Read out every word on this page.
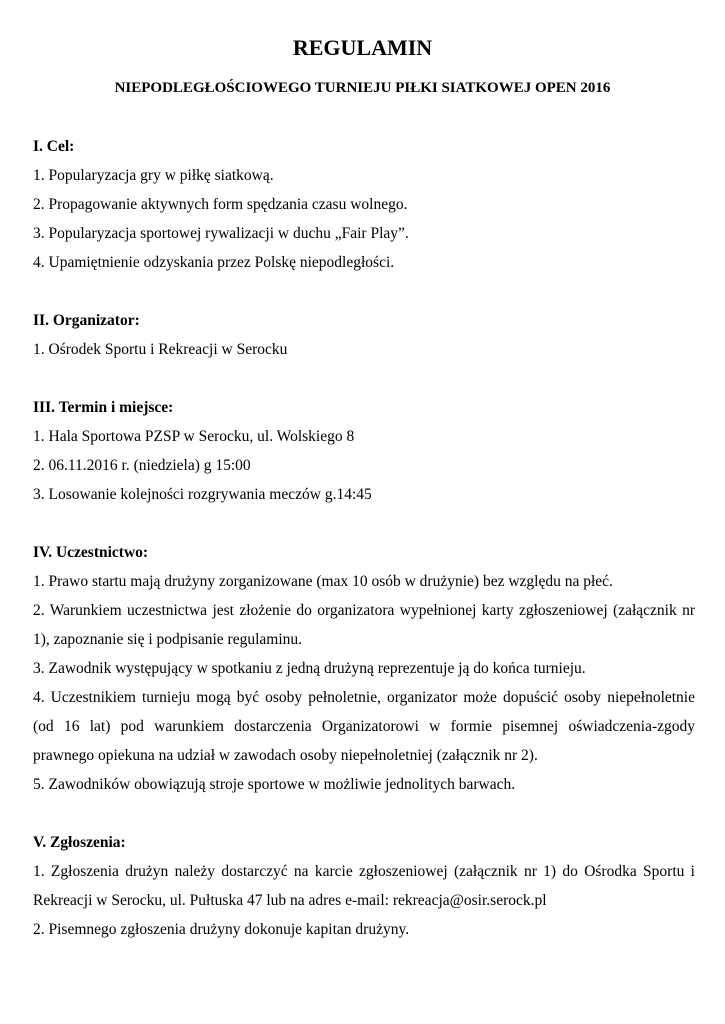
REGULAMIN
NIEPODLEGŁOŚCIOWEGO TURNIEJU PIŁKI SIATKOWEJ OPEN 2016
I. Cel:

1. Popularyzacja gry w piłkę siatkową.

2. Propagowanie aktywnych form spędzania czasu wolnego.

3. Popularyzacja sportowej rywalizacji w duchu „Fair Play”.

4. Upamiętnienie odzyskania przez Polskę niepodległości.

II. Organizator:

1. Ośrodek Sportu i Rekreacji w Serocku

III. Termin i miejsce:

1. Hala Sportowa PZSP w Serocku, ul. Wolskiego 8

2. 06.11.2016 r. (niedziela) g 15:00

3. Losowanie kolejności rozgrywania meczów g.14:45

IV. Uczestnictwo:

1. Prawo startu mają drużyny zorganizowane (max 10 osób w drużynie) bez względu na płeć.

2. Warunkiem uczestnictwa jest złożenie do organizatora wypełnionej karty zgłoszeniowej (załącznik nr 1), zapoznanie się i podpisanie regulaminu.

3. Zawodnik występujący w spotkaniu z jedną drużyną reprezentuje ją do końca turnieju.

4. Uczestnikiem turnieju mogą być osoby pełnoletnie, organizator może dopuścić osoby niepełnoletnie (od 16 lat) pod warunkiem dostarczenia Organizatorowi w formie pisemnej oświadczenia-zgody prawnego opiekuna na udział w zawodach osoby niepełnoletniej (załącznik nr 2).

5. Zawodników obowiązują stroje sportowe w możliwie jednolitych barwach.

V. Zgłoszenia:

1. Zgłoszenia drużyn należy dostarczyć na karcie zgłoszeniowej (załącznik nr 1) do Ośrodka Sportu i Rekreacji w Serocku, ul. Pułtuska 47 lub na adres e-mail: rekreacja@osir.serock.pl

2. Pisemnego zgłoszenia drużyny dokonuje kapitan drużyny.
